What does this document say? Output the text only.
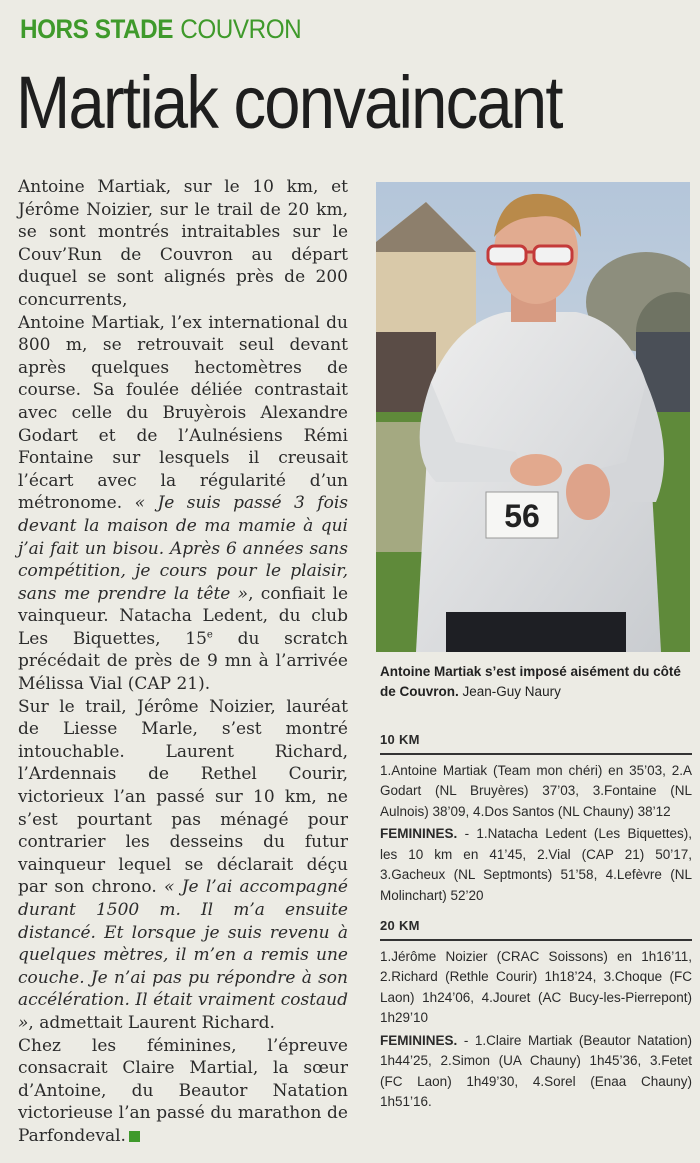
HORS STADE COUVRON
Martiak convaincant

Antoine Martiak, sur le 10 km, et Jérôme Noizier, sur le trail de 20 km, se sont montrés intraitables sur le Couv’Run de Couvron au départ duquel se sont alignés près de 200 concurrents,

Antoine Martiak, l’ex international du 800 m, se retrouvait seul devant après quelques hectomètres de course. Sa foulée déliée contrastait avec celle du Bruyèrois Alexandre Godart et de l’Aulnésiens Rémi Fontaine sur lesquels il creusait l’écart avec la régularité d’un métronome. « Je suis passé 3 fois devant la maison de ma mamie à qui j’ai fait un bisou. Après 6 années sans compétition, je cours pour le plaisir, sans me prendre la tête », confiait le vainqueur. Natacha Ledent, du club Les Biquettes, 15e du scratch précédait de près de 9 mn à l’arrivée Mélissa Vial (CAP 21).

Sur le trail, Jérôme Noizier, lauréat de Liesse Marle, s’est montré intouchable. Laurent Richard, l’Ardennais de Rethel Courir, victorieux l’an passé sur 10 km, ne s’est pourtant pas ménagé pour contrarier les desseins du futur vainqueur lequel se déclarait déçu par son chrono. « Je l’ai accompagné durant 1500 m. Il m’a ensuite distancé. Et lorsque je suis revenu à quelques mètres, il m’en a remis une couche. Je n’ai pas pu répondre à son accélération. Il était vraiment costaud », admettait Laurent Richard.

Chez les féminines, l’épreuve consacrait Claire Martial, la sœur d’Antoine, du Beautor Natation victorieuse l’an passé du marathon de Parfondeval.

56
Antoine Martiak s’est imposé aisément du côté de Couvron. Jean-Guy Naury
10 KM
1.Antoine Martiak (Team mon chéri) en 35’03, 2.A Godart (NL Bruyères) 37’03, 3.Fontaine (NL Aulnois) 38’09, 4.Dos Santos (NL Chauny) 38’12
FEMININES. - 1.Natacha Ledent (Les Biquettes), les 10 km en 41’45, 2.Vial (CAP 21) 50’17, 3.Gacheux (NL Septmonts) 51’58, 4.Lefèvre (NL Molinchart) 52’20
20 KM
1.Jérôme Noizier (CRAC Soissons) en 1h16’11, 2.Richard (Rethle Courir) 1h18’24, 3.Choque (FC Laon) 1h24’06, 4.Jouret (AC Bucy-les-Pierrepont) 1h29’10
FEMININES. - 1.Claire Martiak (Beautor Natation) 1h44’25, 2.Simon (UA Chauny) 1h45’36, 3.Fetet (FC Laon) 1h49’30, 4.Sorel (Enaa Chauny) 1h51’16.
